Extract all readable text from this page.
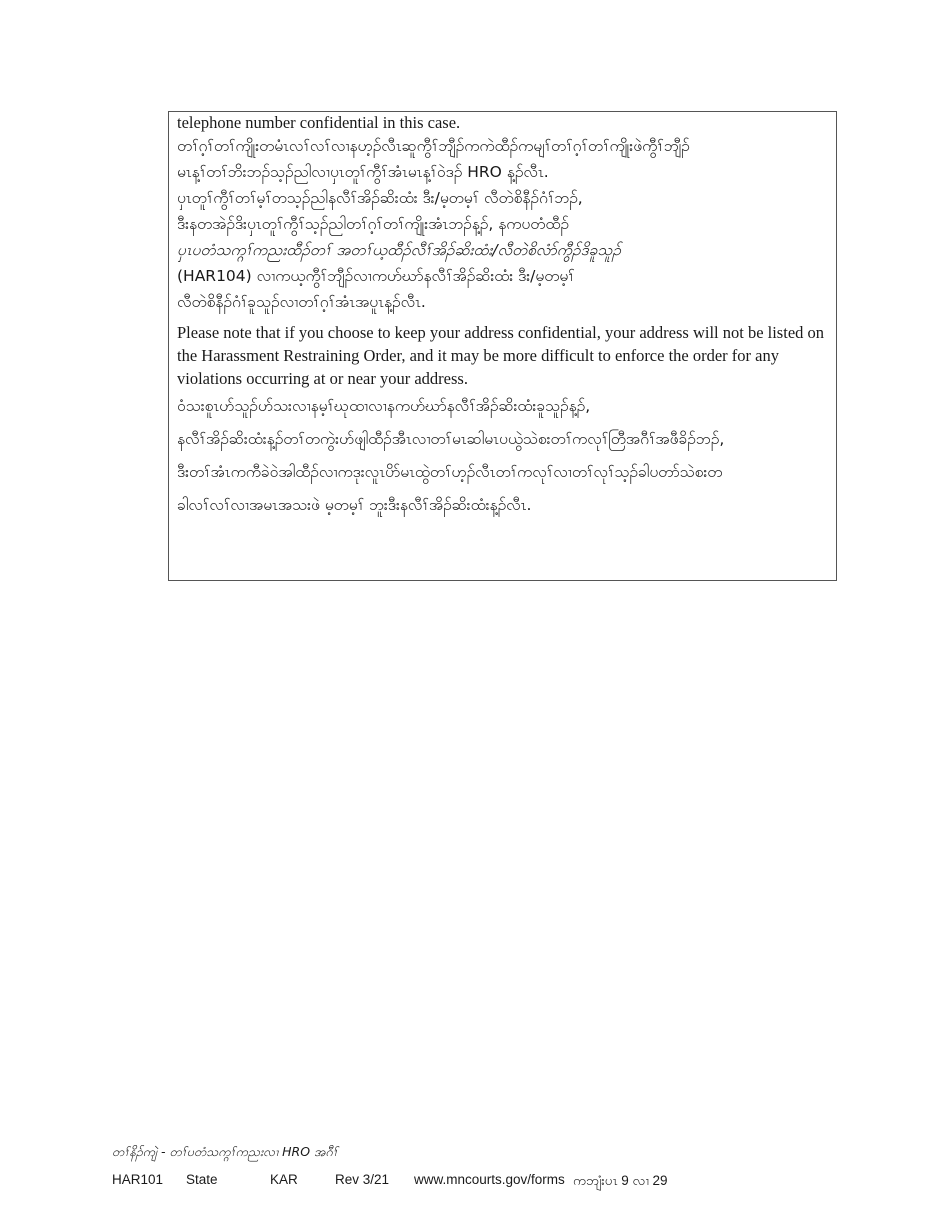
telephone number confidential in this case.
တၢ်ဂ့ၢ်တၢ်ကျိုးတမံၤလၢ်လၢ်လၢနဟ့ၣ်လီၤဆူကွီၢ်ဘျီၣ်ကကဲထီၣ်ကမျၢ်တၢ်ဂ့ၢ်တၢ်ကျိုးဖဲကွီၢ်ဘျီၣ်
မၤန့ၢ်တၢ်ဘိးဘၣ်သ့ၣ်ညါလၢပှၤတူၢ်ကွီၢ်အံၤမၤန့ၢ်ဝဲဒၣ် HRO န့ၣ်လီၤ.
ပှၤတူၢ်ကွီၢ်တၢ်မ့ၢ်တသ့ၣ်ညါနလီၢ်အိၣ်ဆိးထံး ဒီး/မ့တမ့ၢ် လီတဲစိနီၣ်ဂံၢ်ဘၣ်,
ဒီးနတအဲၣ်ဒိးပှၤတူၢ်ကွီၢ်သ့ၣ်ညါတၢ်ဂ့ၢ်တၢ်ကျိုးအံၤဘၣ်န့ၣ်, နကပတံထီၣ်
ပှၤပတံသက္ဂၢ်ကညးထီၣ်တၢ် အတၢ်ယ့ထီၣ်လီၢ်အိၣ်ဆိးထံး/လီတဲစိလံာ်ကွီၣ်ဒိခူသူၣ်
(HAR104) လၢကယ့ကွီၢ်ဘျီၣ်လၢကဟ်ဃာ်နလီၢ်အိၣ်ဆိးထံး ဒီး/မ့တမ့ၢ်
လီတဲစိနီၣ်ဂံၢ်ခူသူၣ်လၢတၢ်ဂ့ၢ်အံၤအပူၤန့ၣ်လီၤ.
Please note that if you choose to keep your address confidential, your address will not be listed on the Harassment Restraining Order, and it may be more difficult to enforce the order for any violations occurring at or near your address.
ဝံသးစူၤဟ်သူၣ်ဟ်သးလၢနမ့ၢ်ဃုထၢလၢနကဟ်ဃာ်နလီၢ်အိၣ်ဆိးထံးခူသူၣ်န့ၣ်,
နလီၢ်အိၣ်ဆိးထံးန့ၣ်တၢ်တကွဲးဟ်ဖျါထီၣ်အီၤလၢတၢ်မၤဆါမၤပယွဲသဲစးတၢ်ကလုၢ်တြီအဂီၢ်အဖီခိၣ်ဘၣ်,
ဒီးတၢ်အံၤကကီခဲဝဲအါထီၣ်လၢကဒုးလူၤပိာ်မၤထွဲတၢ်ဟ့ၣ်လီၤတၢ်ကလုၢ်လၢတၢ်လုၢ်သ့ၣ်ခါပတာ်သဲစးတ
ခါလၢ်လၢ်လၢအမၤအသးဖဲ မ့တမ့ၢ် ဘူးဒီးနလီၢ်အိၣ်ဆိးထံးန့ၣ်လီၤ.
တၢ်နိၣ်ကျဲ - တၢ်ပတံသက္ဂၢ်ကညးလၢ HRO အဂီၢ်
HAR101 State	KAR	Rev 3/21 www.mncourts.gov/forms ကဘျံးပၤ 9 လၢ 29
